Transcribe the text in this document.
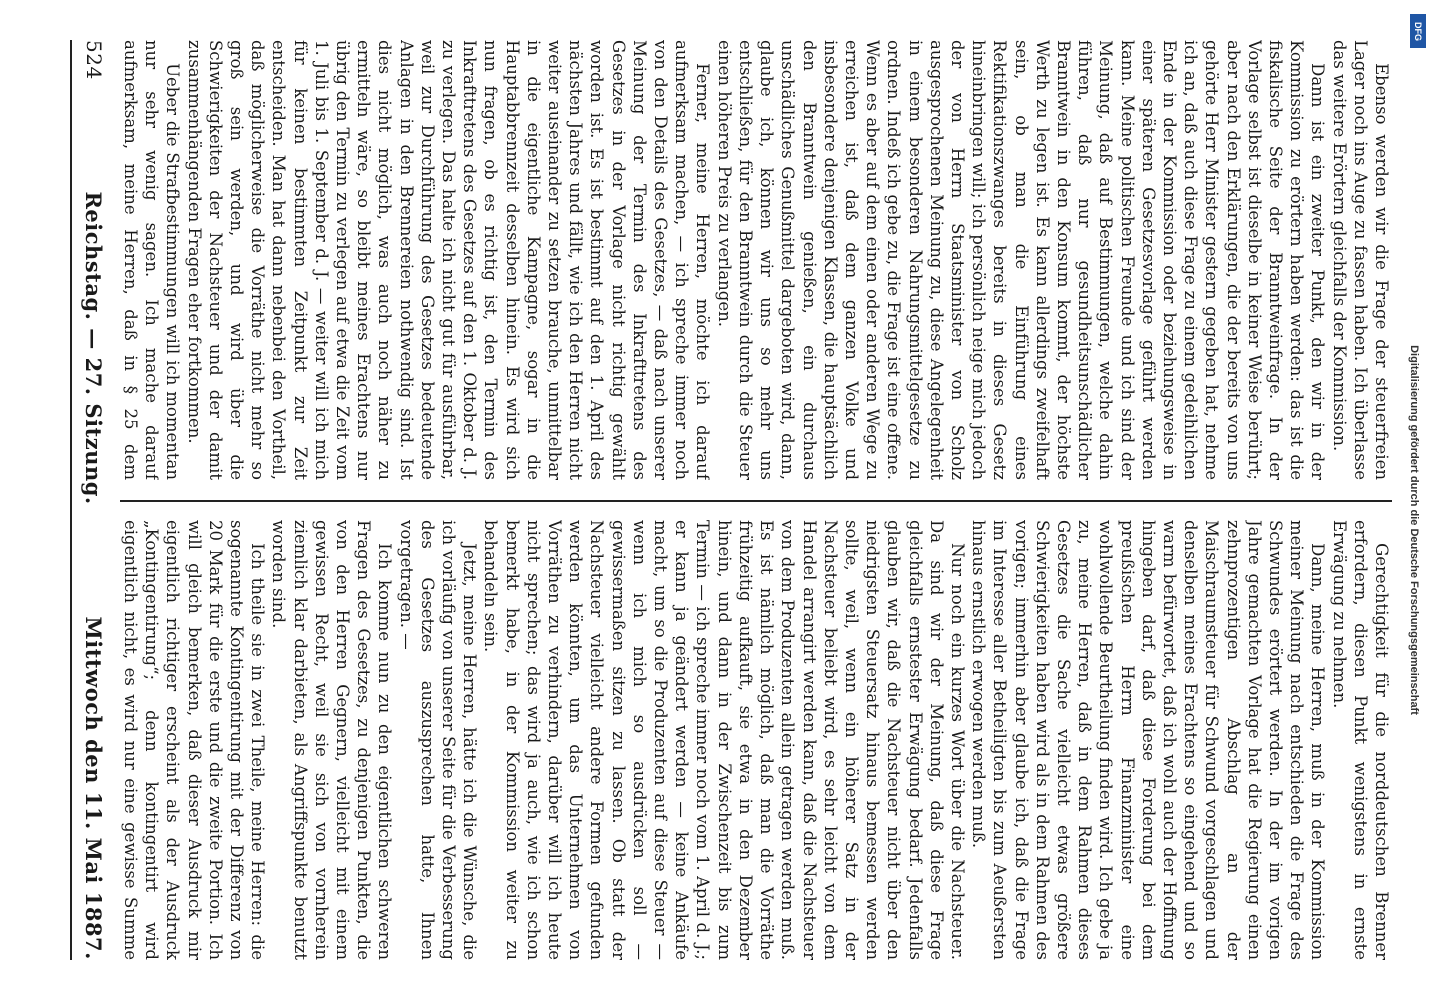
524
Reichstag. — 27. Sitzung.
Mittwoch den 11. Mai 1887.

Ebenso werden wir die Frage der steuerfreien Lager noch ins Auge zu fassen haben. Ich überlasse das weitere Erörtern gleichfalls der Kommission.

Dann ist ein zweiter Punkt, den wir in der Kommission zu erörtern haben werden: das ist die fiskalische Seite der Branntweinfrage. In der Vorlage selbst ist dieselbe in keiner Weise berührt; aber nach den Erklärungen, die der bereits von uns gehörte Herr Minister gestern gegeben hat, nehme ich an, daß auch diese Frage zu einem gedeihlichen Ende in der Kommission oder beziehungsweise in einer späteren Gesetzesvorlage geführt werden kann. Meine politischen Freunde und ich sind der Meinung, daß auf Bestimmungen, welche dahin führen, daß nur gesundheitsunschädlicher Branntwein in den Konsum kommt, der höchste Werth zu legen ist. Es kann allerdings zweifelhaft sein, ob man die Einführung eines Rektifikationszwanges bereits in dieses Gesetz hineinbringen will; ich persönlich neige mich jedoch der von Herrn Staatsminister von Scholz ausgesprochenen Meinung zu, diese Angelegenheit in einem besonderen Nahrungsmittelgesetze zu ordnen. Indeß ich gebe zu, die Frage ist eine offene. Wenn es aber auf dem einen oder anderen Wege zu erreichen ist, daß dem ganzen Volke und insbesondere denjenigen Klassen, die hauptsächlich den Branntwein genießen, ein durchaus unschädliches Genußmittel dargeboten wird, dann, glaube ich, können wir uns so mehr uns entschließen, für den Branntwein durch die Steuer einen höheren Preis zu verlangen.

Ferner, meine Herren, möchte ich darauf aufmerksam machen, — ich spreche immer noch von den Details des Gesetzes, — daß nach unserer Meinung der Termin des Inkrafttretens des Gesetzes in der Vorlage nicht richtig gewählt worden ist. Es ist bestimmt auf den 1. April des nächsten Jahres und fällt, wie ich den Herren nicht weiter auseinander zu setzen brauche, unmittelbar in die eigentliche Kampagne, sogar in die Hauptabbrennzeit desselben hinein. Es wird sich nun fragen, ob es richtig ist, den Termin des Inkrafttretens des Gesetzes auf den 1. Oktober d. J. zu verlegen. Das halte ich nicht gut für ausführbar, weil zur Durchführung des Gesetzes bedeutende Anlagen in den Brennereien nothwendig sind. Ist dies nicht möglich, was auch noch näher zu ermitteln wäre, so bleibt meines Erachtens nur übrig den Termin zu verlegen auf etwa die Zeit vom 1. Juli bis 1. September d. J. — weiter will ich mich für keinen bestimmten Zeitpunkt zur Zeit entscheiden. Man hat dann nebenbei den Vortheil, daß möglicherweise die Vorräthe nicht mehr so groß sein werden, und wird über die Schwierigkeiten der Nachsteuer und der damit zusammenhängenden Fragen eher fortkommen.

Ueber die Strafbestimmungen will ich momentan nur sehr wenig sagen. Ich mache darauf aufmerksam, meine Herren, daß in § 25 dem

Gerechtigkeit für die norddeutschen Brenner erfordern, diesen Punkt wenigstens in ernste Erwägung zu nehmen.

Dann, meine Herren, muß in der Kommission meiner Meinung nach entschieden die Frage des Schwundes erörtert werden. In der im vorigen Jahre gemachten Vorlage hat die Regierung einen zehnprozentigen Abschlag an der Maischraumsteuer für Schwund vorgeschlagen und denselben meines Erachtens so eingehend und so warm befürwortet, daß ich wohl auch der Hoffnung hingeben darf, daß diese Forderung bei dem preußischen Herrn Finanzminister eine wohlwollende Beurtheilung finden wird. Ich gebe ja zu, meine Herren, daß in dem Rahmen dieses Gesetzes die Sache vielleicht etwas größere Schwierigkeiten haben wird als in dem Rahmen des vorigen; immerhin aber glaube ich, daß die Frage im Interesse aller Betheiligten bis zum Aeußersten hinaus ernstlich erwogen werden muß.

Nur noch ein kurzes Wort über die Nachsteuer. Da sind wir der Meinung, daß diese Frage gleichfalls ernstester Erwägung bedarf. Jedenfalls glauben wir, daß die Nachsteuer nicht über den niedrigsten Steuersatz hinaus bemessen werden sollte, weil, wenn ein höherer Satz in der Nachsteuer beliebt wird, es sehr leicht von dem Handel arrangirt werden kann, daß die Nachsteuer von dem Produzenten allein getragen werden muß. Es ist nämlich möglich, daß man die Vorräthe frühzeitig aufkauft, sie etwa in den Dezember hinein, und dann in der Zwischenzeit bis zum Termin — ich spreche immer noch vom 1. April d. J.; er kann ja geändert werden — keine Ankäufe macht, um so die Produzenten auf diese Steuer — wenn ich mich so ausdrücken soll — gewissermaßen sitzen zu lassen. Ob statt der Nachsteuer vielleicht andere Formen gefunden werden könnten, um das Unternehmen von Vorräthen zu verhindern, darüber will ich heute nicht sprechen; das wird ja auch, wie ich schon bemerkt habe, in der Kommission weiter zu behandeln sein.

Jetzt, meine Herren, hätte ich die Wünsche, die ich vorläufig von unserer Seite für die Verbesserung des Gesetzes auszusprechen hatte, Ihnen vorgetragen. —

Ich komme nun zu den eigentlichen schweren Fragen des Gesetzes, zu denjenigen Punkten, die von den Herren Gegnern, vielleicht mit einem gewissen Recht, weil sie sich von vornherein ziemlich klar darbieten, als Angriffspunkte benutzt worden sind.

Ich theile sie in zwei Theile, meine Herren: die sogenannte Kontingentirung mit der Differenz von 20 Mark für die erste und die zweite Portion. Ich will gleich bemerken, daß dieser Ausdruck mir eigentlich richtiger erscheint als der Ausdruck „Kontingentirung“; denn kontingentirt wird eigentlich nicht, es wird nur eine gewisse Summe

DFG
Digitalisierung gefördert durch die Deutsche Forschungsgemeinschaft
